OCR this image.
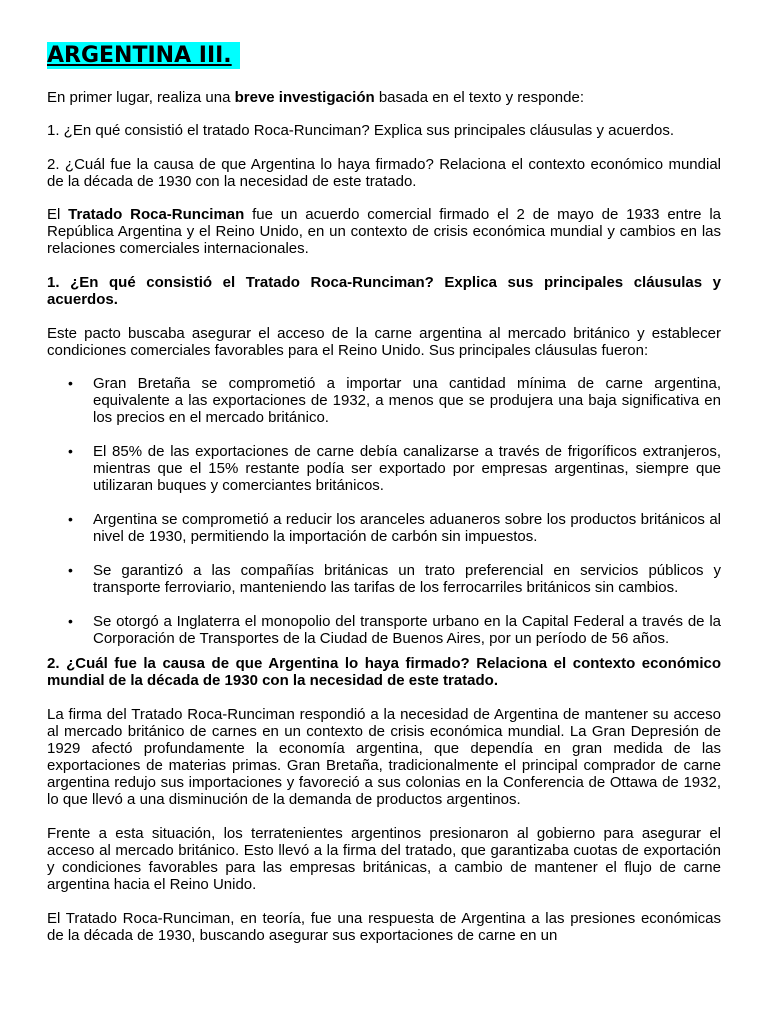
ARGENTINA III.

En primer lugar, realiza una breve investigación basada en el texto y responde:

1. ¿En qué consistió el tratado Roca-Runciman? Explica sus principales cláusulas y acuerdos.

2. ¿Cuál fue la causa de que Argentina lo haya firmado? Relaciona el contexto económico mundial de la década de 1930 con la necesidad de este tratado.

El Tratado Roca-Runciman fue un acuerdo comercial firmado el 2 de mayo de 1933 entre la República Argentina y el Reino Unido, en un contexto de crisis económica mundial y cambios en las relaciones comerciales internacionales.

1. ¿En qué consistió el Tratado Roca-Runciman? Explica sus principales cláusulas y acuerdos.

Este pacto buscaba asegurar el acceso de la carne argentina al mercado británico y establecer condiciones comerciales favorables para el Reino Unido. Sus principales cláusulas fueron:

• Gran Bretaña se comprometió a importar una cantidad mínima de carne argentina, equivalente a las exportaciones de 1932, a menos que se produjera una baja significativa en los precios en el mercado británico.
• El 85% de las exportaciones de carne debía canalizarse a través de frigoríficos extranjeros, mientras que el 15% restante podía ser exportado por empresas argentinas, siempre que utilizaran buques y comerciantes británicos.
• Argentina se comprometió a reducir los aranceles aduaneros sobre los productos británicos al nivel de 1930, permitiendo la importación de carbón sin impuestos.
• Se garantizó a las compañías británicas un trato preferencial en servicios públicos y transporte ferroviario, manteniendo las tarifas de los ferrocarriles británicos sin cambios.
• Se otorgó a Inglaterra el monopolio del transporte urbano en la Capital Federal a través de la Corporación de Transportes de la Ciudad de Buenos Aires, por un período de 56 años.

2. ¿Cuál fue la causa de que Argentina lo haya firmado? Relaciona el contexto económico mundial de la década de 1930 con la necesidad de este tratado.

La firma del Tratado Roca-Runciman respondió a la necesidad de Argentina de mantener su acceso al mercado británico de carnes en un contexto de crisis económica mundial. La Gran Depresión de 1929 afectó profundamente la economía argentina, que dependía en gran medida de las exportaciones de materias primas. Gran Bretaña, tradicionalmente el principal comprador de carne argentina redujo sus importaciones y favoreció a sus colonias en la Conferencia de Ottawa de 1932, lo que llevó a una disminución de la demanda de productos argentinos.

Frente a esta situación, los terratenientes argentinos presionaron al gobierno para asegurar el acceso al mercado británico. Esto llevó a la firma del tratado, que garantizaba cuotas de exportación y condiciones favorables para las empresas británicas, a cambio de mantener el flujo de carne argentina hacia el Reino Unido.

El Tratado Roca-Runciman, en teoría, fue una respuesta de Argentina a las presiones económicas de la década de 1930, buscando asegurar sus exportaciones de carne en un
